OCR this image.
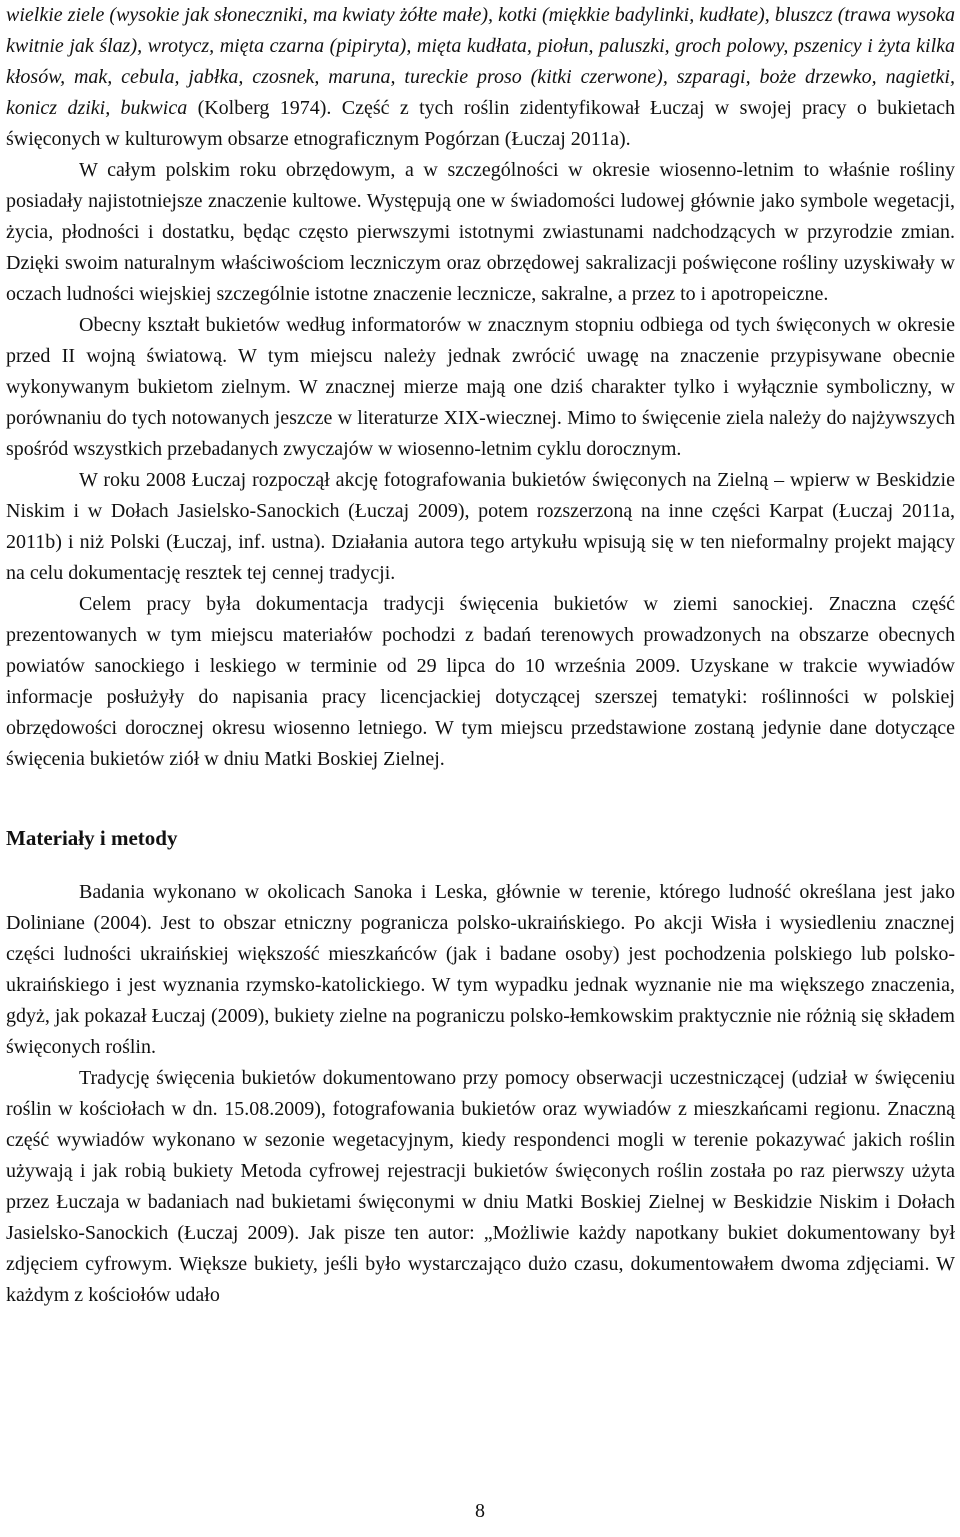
wielkie ziele (wysokie jak słoneczniki, ma kwiaty żółte małe), kotki (miękkie badylinki, kudłate), bluszcz (trawa wysoka kwitnie jak ślaz), wrotycz, mięta czarna (pipiryta), mięta kudłata, piołun, paluszki, groch polowy, pszenicy i żyta kilka kłosów, mak, cebula, jabłka, czosnek, maruna, tureckie proso (kitki czerwone), szparagi, boże drzewko, nagietki, konicz dziki, bukwica (Kolberg 1974). Część z tych roślin zidentyfikował Łuczaj w swojej pracy o bukietach święconych w kulturowym obsarze etnograficznym Pogórzan (Łuczaj 2011a).

W całym polskim roku obrzędowym, a w szczególności w okresie wiosenno-letnim to właśnie rośliny posiadały najistotniejsze znaczenie kultowe. Występują one w świadomości ludowej głównie jako symbole wegetacji, życia, płodności i dostatku, będąc często pierwszymi istotnymi zwiastunami nadchodzących w przyrodzie zmian. Dzięki swoim naturalnym właściwościom leczniczym oraz obrzędowej sakralizacji poświęcone rośliny uzyskiwały w oczach ludności wiejskiej szczególnie istotne znaczenie lecznicze, sakralne, a przez to i apotropeiczne.

Obecny kształt bukietów według informatorów w znacznym stopniu odbiega od tych święconych w okresie przed II wojną światową. W tym miejscu należy jednak zwrócić uwagę na znaczenie przypisywane obecnie wykonywanym bukietom zielnym. W znacznej mierze mają one dziś charakter tylko i wyłącznie symboliczny, w porównaniu do tych notowanych jeszcze w literaturze XIX-wiecznej. Mimo to święcenie ziela należy do najżywszych spośród wszystkich przebadanych zwyczajów w wiosenno-letnim cyklu dorocznym.

W roku 2008 Łuczaj rozpoczął akcję fotografowania bukietów święconych na Zielną – wpierw w Beskidzie Niskim i w Dołach Jasielsko-Sanockich (Łuczaj 2009), potem rozszerzoną na inne części Karpat (Łuczaj 2011a, 2011b) i niż Polski (Łuczaj, inf. ustna). Działania autora tego artykułu wpisują się w ten nieformalny projekt mający na celu dokumentację resztek tej cennej tradycji.

Celem pracy była dokumentacja tradycji święcenia bukietów w ziemi sanockiej. Znaczna część prezentowanych w tym miejscu materiałów pochodzi z badań terenowych prowadzonych na obszarze obecnych powiatów sanockiego i leskiego w terminie od 29 lipca do 10 września 2009. Uzyskane w trakcie wywiadów informacje posłużyły do napisania pracy licencjackiej dotyczącej szerszej tematyki: roślinności w polskiej obrzędowości dorocznej okresu wiosenno letniego. W tym miejscu przedstawione zostaną jedynie dane dotyczące święcenia bukietów ziół w dniu Matki Boskiej Zielnej.

Materiały i metody

Badania wykonano w okolicach Sanoka i Leska, głównie w terenie, którego ludność określana jest jako Doliniane (2004). Jest to obszar etniczny pogranicza polsko-ukraińskiego. Po akcji Wisła i wysiedleniu znacznej części ludności ukraińskiej większość mieszkańców (jak i badane osoby) jest pochodzenia polskiego lub polsko-ukraińskiego i jest wyznania rzymsko-katolickiego. W tym wypadku jednak wyznanie nie ma większego znaczenia, gdyż, jak pokazał Łuczaj (2009), bukiety zielne na pograniczu polsko-łemkowskim praktycznie nie różnią się składem święconych roślin.

Tradycję święcenia bukietów dokumentowano przy pomocy obserwacji uczestniczącej (udział w święceniu roślin w kościołach w dn. 15.08.2009), fotografowania bukietów oraz wywiadów z mieszkańcami regionu. Znaczną część wywiadów wykonano w sezonie wegetacyjnym, kiedy respondenci mogli w terenie pokazywać jakich roślin używają i jak robią bukiety Metoda cyfrowej rejestracji bukietów święconych roślin została po raz pierwszy użyta przez Łuczaja w badaniach nad bukietami święconymi w dniu Matki Boskiej Zielnej w Beskidzie Niskim i Dołach Jasielsko-Sanockich (Łuczaj 2009). Jak pisze ten autor: „Możliwie każdy napotkany bukiet dokumentowany był zdjęciem cyfrowym. Większe bukiety, jeśli było wystarczająco dużo czasu, dokumentowałem dwoma zdjęciami. W każdym z kościołów udało

8
